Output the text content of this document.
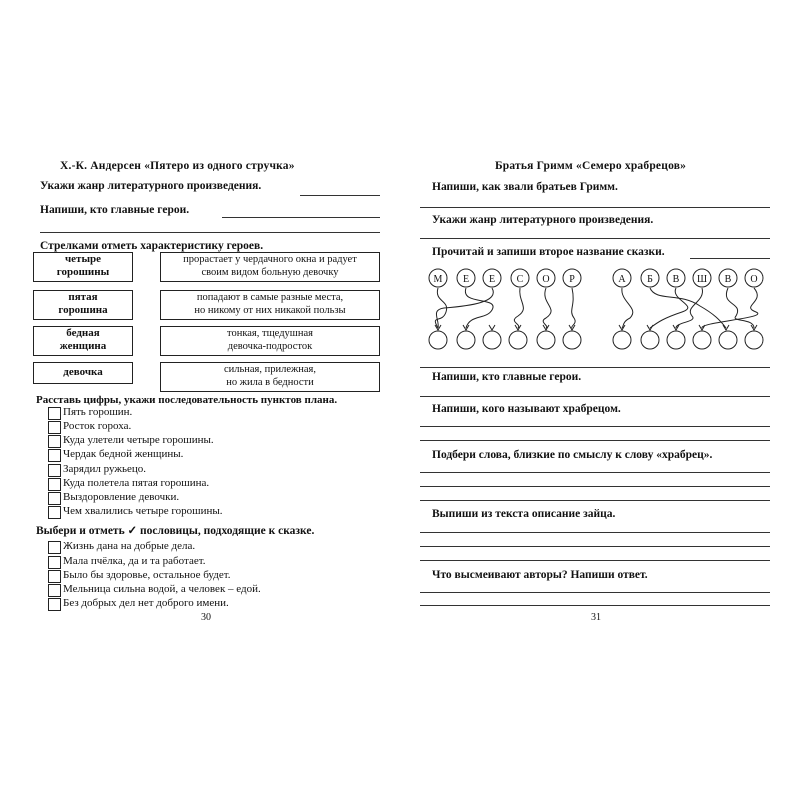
Х.-К. Андерсен «Пятеро из одного стручка»
Укажи жанр литературного произведения.
Напиши, кто главные герои.
Стрелками отметь характеристику героев.
четыре
горошины
пятая
горошина
бедная
женщина
девочка
прорастает у чердачного окна и радует
своим видом больную девочку
попадают в самые разные места,
но никому от них никакой пользы
тонкая, тщедушная
девочка-подросток
сильная, прилежная,
но жила в бедности
Расставь цифры, укажи последовательность пунктов плана.
Пять горошин.
Росток гороха.
Куда улетели четыре горошины.
Чердак бедной женщины.
Зарядил ружьецо.
Куда полетела пятая горошина.
Выздоровление девочки.
Чем хвалились четыре горошины.
Выбери и отметь ✓ пословицы, подходящие к сказке.
Жизнь дана на добрые дела.
Мала пчёлка, да и та работает.
Было бы здоровье, остальное будет.
Мельница сильна водой, а человек – едой.
Без добрых дел нет доброго имени.
30
Братья Гримм «Семеро храбрецов»
Напиши, как звали братьев Гримм.
Укажи жанр литературного произведения.
Прочитай и запиши второе название сказки.
М Е Е С О Р	А Б В Ш В О
Напиши, кто главные герои.
Напиши, кого называют храбрецом.
Подбери слова, близкие по смыслу к слову «храбрец».
Выпиши из текста описание зайца.
Что высмеивают авторы? Напиши ответ.
31
